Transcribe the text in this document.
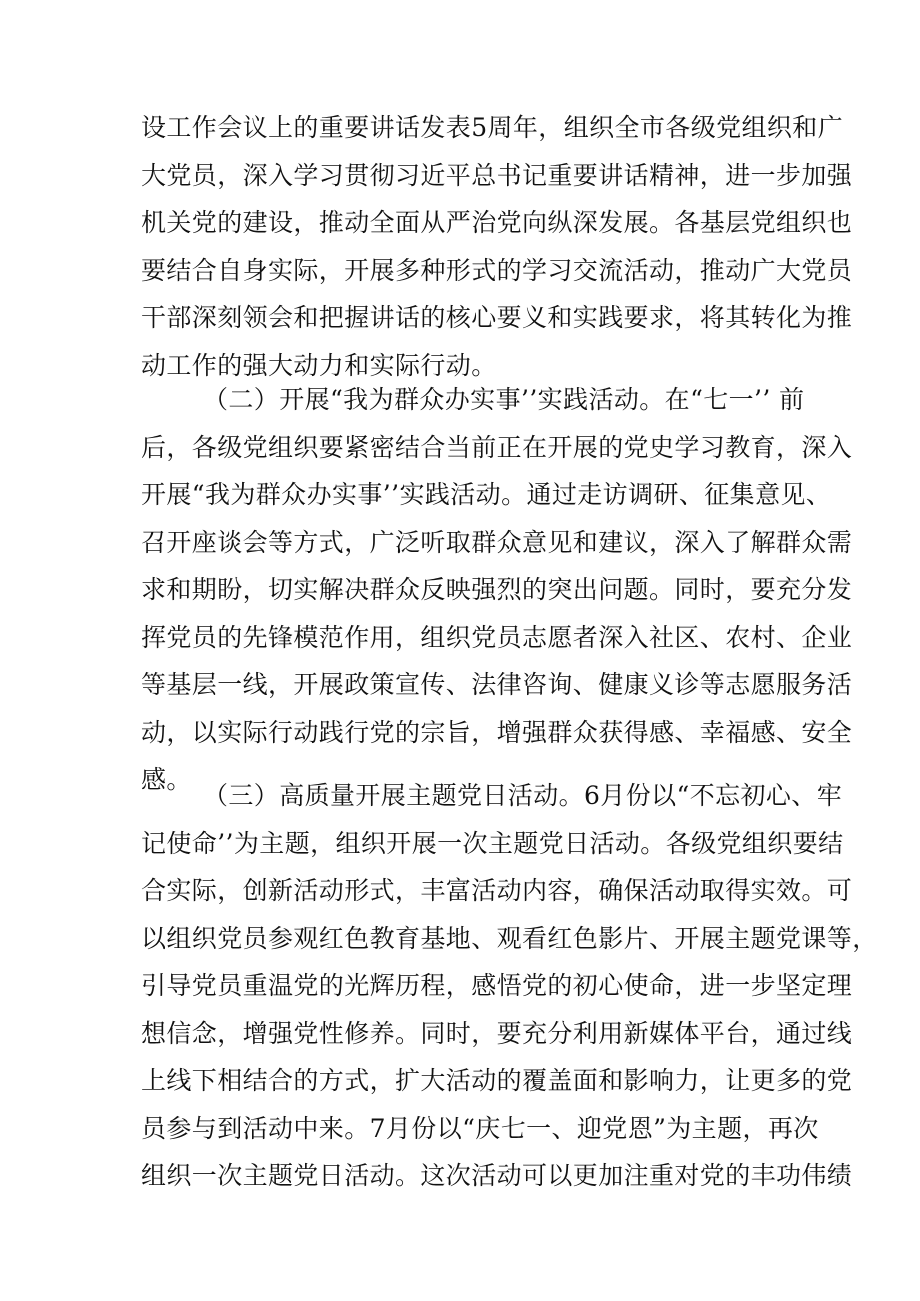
设工作会议上的重要讲话发表5周年，组织全市各级党组织和广
大党员，深入学习贯彻习近平总书记重要讲话精神，进一步加强
机关党的建设，推动全面从严治党向纵深发展。各基层党组织也
要结合自身实际，开展多种形式的学习交流活动，推动广大党员
干部深刻领会和把握讲话的核心要义和实践要求，将其转化为推
动工作的强大动力和实际行动。
（二）开展“我为群众办实事’’实践活动。在“七一’’ 前
后，各级党组织要紧密结合当前正在开展的党史学习教育，深入
开展“我为群众办实事’’实践活动。通过走访调研、征集意见、
召开座谈会等方式，广泛听取群众意见和建议，深入了解群众需
求和期盼，切实解决群众反映强烈的突出问题。同时，要充分发
挥党员的先锋模范作用，组织党员志愿者深入社区、农村、企业
等基层一线，开展政策宣传、法律咨询、健康义诊等志愿服务活
动，以实际行动践行党的宗旨，增强群众获得感、幸福感、安全
感。
（三）高质量开展主题党日活动。6月份以“不忘初心、牢
记使命’’为主题，组织开展一次主题党日活动。各级党组织要结
合实际，创新活动形式，丰富活动内容，确保活动取得实效。可
以组织党员参观红色教育基地、观看红色影片、开展主题党课等，
引导党员重温党的光辉历程，感悟党的初心使命，进一步坚定理
想信念，增强党性修养。同时，要充分利用新媒体平台，通过线
上线下相结合的方式，扩大活动的覆盖面和影响力，让更多的党
员参与到活动中来。7月份以“庆七一、迎党恩”为主题，再次
组织一次主题党日活动。这次活动可以更加注重对党的丰功伟绩
